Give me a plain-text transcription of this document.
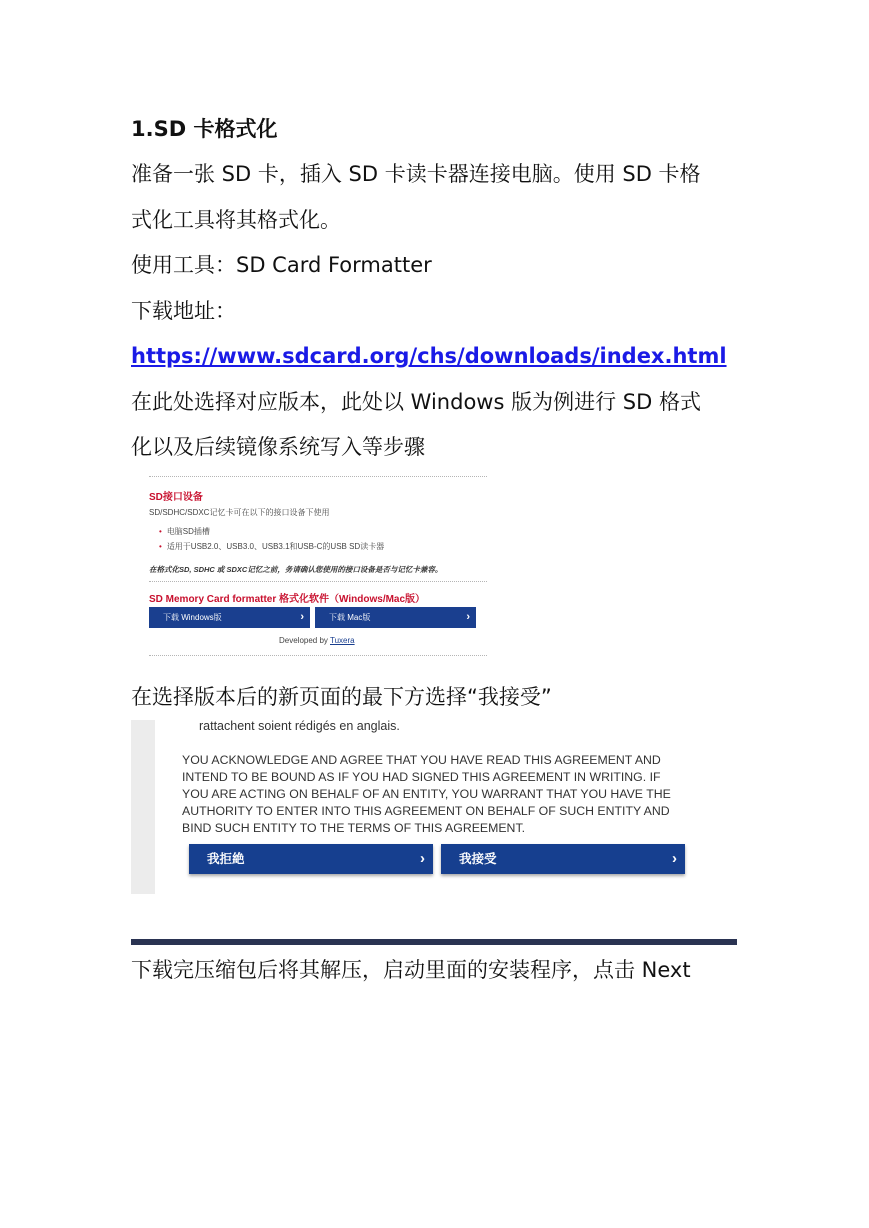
1.SD 卡格式化
准备一张 SD 卡，插入 SD 卡读卡器连接电脑。使用 SD 卡格
式化工具将其格式化。
使用工具：SD Card Formatter
下载地址：
https://www.sdcard.org/chs/downloads/index.html
在此处选择对应版本，此处以 Windows 版为例进行 SD 格式
化以及后续镜像系统写入等步骤
SD接口设备
SD/SDHC/SDXC记忆卡可在以下的接口设备下使用
• 电脑SD插槽
• 适用于USB2.0、USB3.0、USB3.1和USB-C的USB SD读卡器
在格式化SD, SDHC 或 SDXC记忆之前，务请确认您使用的接口设备是否与记忆卡兼容。
SD Memory Card formatter 格式化软件（Windows/Mac版）
下载 Windows版	›	下载 Mac版	›
Developed by Tuxera
在选择版本后的新页面的最下方选择“我接受”
rattachent soient rédigés en anglais.
YOU ACKNOWLEDGE AND AGREE THAT YOU HAVE READ THIS AGREEMENT AND
INTEND TO BE BOUND AS IF YOU HAD SIGNED THIS AGREEMENT IN WRITING. IF
YOU ARE ACTING ON BEHALF OF AN ENTITY, YOU WARRANT THAT YOU HAVE THE
AUTHORITY TO ENTER INTO THIS AGREEMENT ON BEHALF OF SUCH ENTITY AND
BIND SUCH ENTITY TO THE TERMS OF THIS AGREEMENT.
我拒絶	›	我接受	›
下载完压缩包后将其解压，启动里面的安装程序，点击 Next
